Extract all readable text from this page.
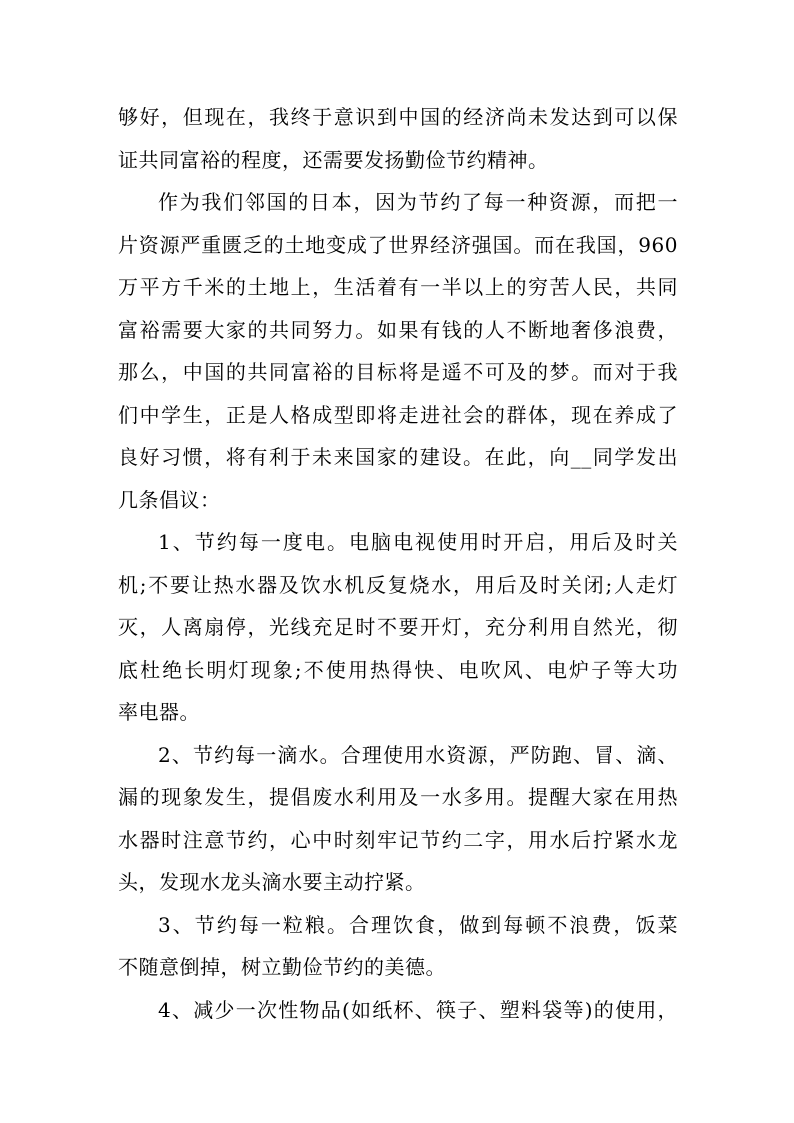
够好，但现在，我终于意识到中国的经济尚未发达到可以保
证共同富裕的程度，还需要发扬勤俭节约精神。
作为我们邻国的日本，因为节约了每一种资源，而把一
片资源严重匮乏的土地变成了世界经济强国。而在我国，960
万平方千米的土地上，生活着有一半以上的穷苦人民，共同
富裕需要大家的共同努力。如果有钱的人不断地奢侈浪费，
那么，中国的共同富裕的目标将是遥不可及的梦。而对于我
们中学生，正是人格成型即将走进社会的群体，现在养成了
良好习惯，将有利于未来国家的建设。在此，向__同学发出
几条倡议：
1、节约每一度电。电脑电视使用时开启，用后及时关
机;不要让热水器及饮水机反复烧水，用后及时关闭;人走灯
灭，人离扇停，光线充足时不要开灯，充分利用自然光，彻
底杜绝长明灯现象;不使用热得快、电吹风、电炉子等大功
率电器。
2、节约每一滴水。合理使用水资源，严防跑、冒、滴、
漏的现象发生，提倡废水利用及一水多用。提醒大家在用热
水器时注意节约，心中时刻牢记节约二字，用水后拧紧水龙
头，发现水龙头滴水要主动拧紧。
3、节约每一粒粮。合理饮食，做到每顿不浪费，饭菜
不随意倒掉，树立勤俭节约的美德。
4、减少一次性物品(如纸杯、筷子、塑料袋等)的使用，
